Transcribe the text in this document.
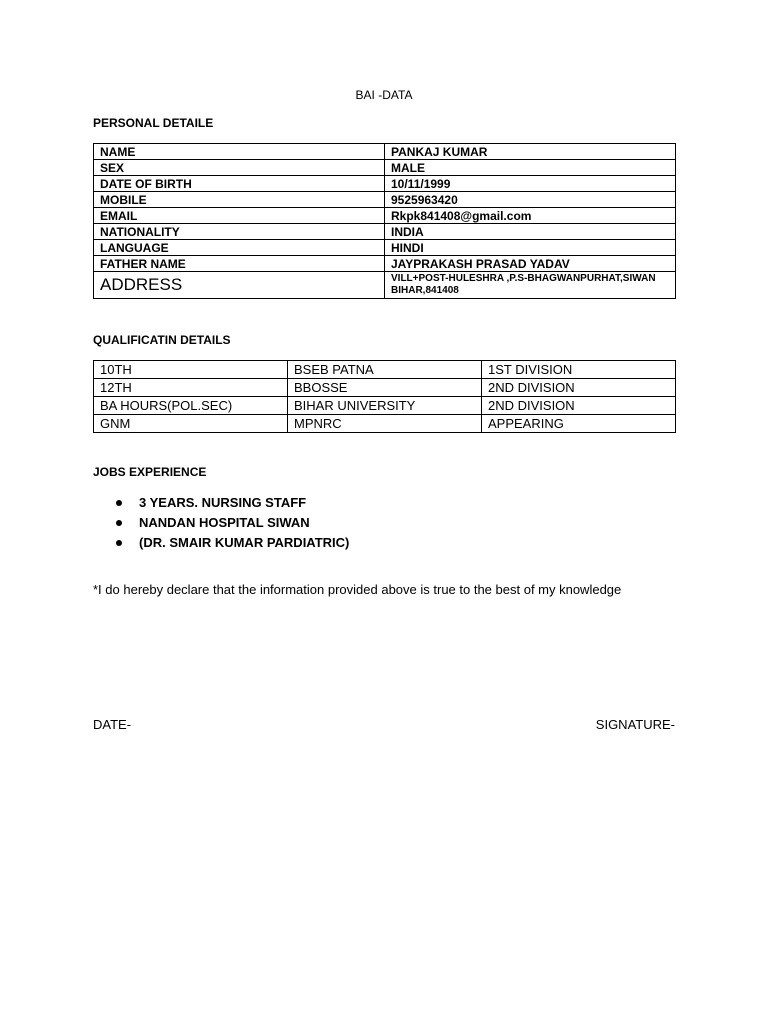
BAI -DATA
PERSONAL DETAILE
NAME	PANKAJ KUMAR
SEX	MALE
DATE OF BIRTH	10/11/1999
MOBILE	9525963420
EMAIL	Rkpk841408@gmail.com
NATIONALITY	INDIA
LANGUAGE	HINDI
FATHER NAME	JAYPRAKASH PRASAD YADAV
ADDRESS	VILL+POST-HULESHRA ,P.S-BHAGWANPURHAT,SIWAN BIHAR,841408
QUALIFICATIN DETAILS
10TH	BSEB PATNA	1ST DIVISION
12TH	BBOSSE	2ND DIVISION
BA HOURS(POL.SEC)	BIHAR UNIVERSITY	2ND DIVISION
GNM	MPNRC	APPEARING
JOBS EXPERIENCE
3 YEARS. NURSING STAFF
NANDAN HOSPITAL SIWAN
(DR. SMAIR KUMAR PARDIATRIC)
*I do hereby declare that the information provided above is true to the best of my knowledge
DATE-	SIGNATURE-
